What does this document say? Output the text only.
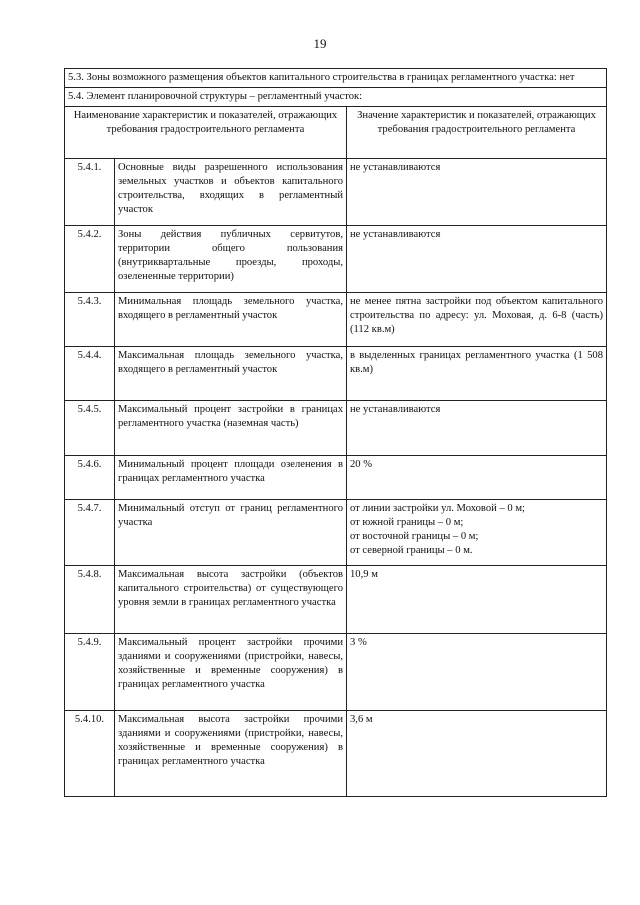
19
5.3. Зоны возможного размещения объектов капитального строительства в границах регламентного участка: нет		
5.4. Элемент планировочной структуры – регламентный участок:		
Наименование характеристик и показателей, отражающих требования градостроительного регламента		Значение характеристик и показателей, отражающих требования градостроительного регламента
5.4.1.	Основные виды разрешенного использования земельных участков и объектов капитального строительства, входящих в регламентный участок	не устанавливаются

5.4.2.	Зоны действия публичных сервитутов, территории общего пользования (внутриквартальные проезды, проходы, озелененные территории)	не устанавливаются

5.4.3.	Минимальная площадь земельного участка, входящего в регламентный участок	не менее пятна застройки под объектом капитального строительства по адресу: ул. Моховая, д. 6-8 (часть) (112 кв.м)

5.4.4.	Максимальная площадь земельного участка, входящего в регламентный участок	в выделенных границах регламентного участка (1 508 кв.м)

5.4.5.	Максимальный процент застройки в границах регламентного участка (наземная часть)	не устанавливаются

5.4.6.	Минимальный процент площади озеленения в границах регламентного участка	20 %

5.4.7.	Минимальный отступ от границ регламентного участка	от линии застройки ул. Моховой – 0 м;
от южной границы – 0 м;
от восточной границы – 0 м;
от северной границы – 0 м.

5.4.8.	Максимальная высота застройки (объектов капитального строительства) от существующего уровня земли в границах регламентного участка	10,9 м

5.4.9.	Максимальный процент застройки прочими зданиями и сооружениями (пристройки, навесы, хозяйственные и временные сооружения) в границах регламентного участка	3 %

5.4.10.	Максимальная высота застройки прочими зданиями и сооружениями (пристройки, навесы, хозяйственные и временные сооружения) в границах регламентного участка	3,6 м
